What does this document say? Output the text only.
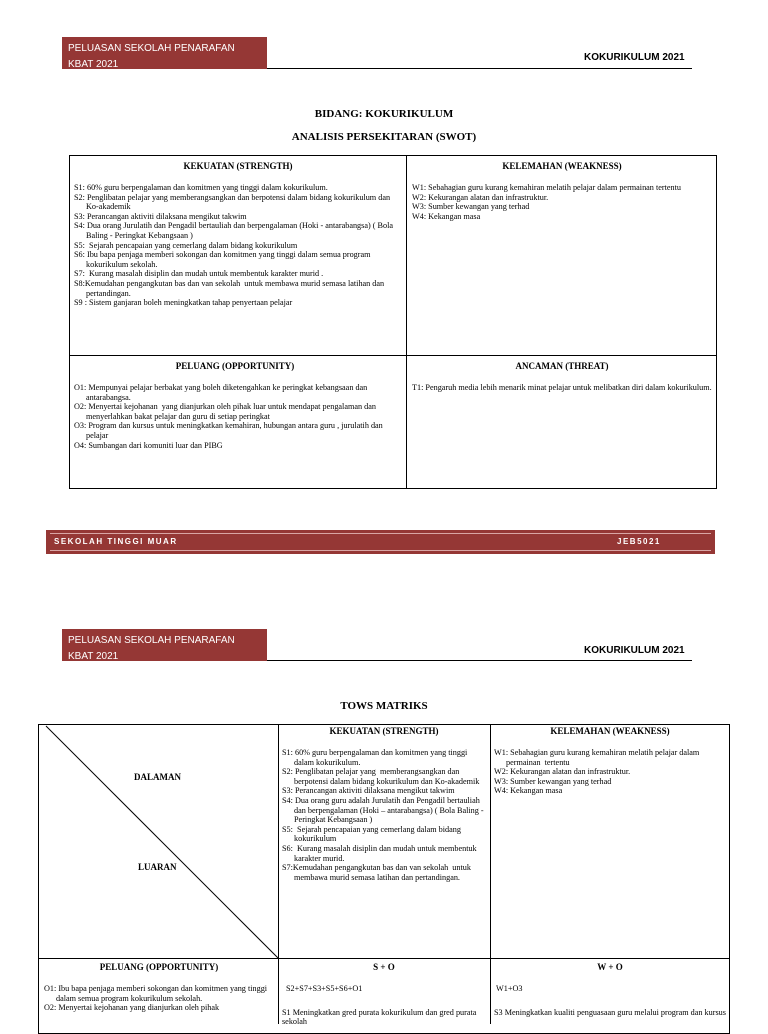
PELUASAN SEKOLAH PENARAFAN KBAT 2021
KOKURIKULUM 2021
BIDANG: KOKURIKULUM
ANALISIS PERSEKITARAN (SWOT)
KEKUATAN (STRENGTH)
S1: 60% guru berpengalaman dan komitmen yang tinggi dalam kokurikulum.
S2: Penglibatan pelajar yang memberangsangkan dan berpotensi dalam bidang kokurikulum dan Ko-akademik
S3: Perancangan aktiviti dilaksana mengikut takwim
S4: Dua orang Jurulatih dan Pengadil bertauliah dan berpengalaman (Hoki - antarabangsa) ( Bola Baling - Peringkat Kebangsaan )
S5:  Sejarah pencapaian yang cemerlang dalam bidang kokurikulum
S6: Ibu bapa penjaga memberi sokongan dan komitmen yang tinggi dalam semua program kokurikulum sekolah.
S7:  Kurang masalah disiplin dan mudah untuk membentuk karakter murid .
S8:Kemudahan pengangkutan bas dan van sekolah  untuk membawa murid semasa latihan dan pertandingan.
S9 : Sistem ganjaran boleh meningkatkan tahap penyertaan pelajar
KELEMAHAN (WEAKNESS)
W1: Sebahagian guru kurang kemahiran melatih pelajar dalam permainan tertentu
W2: Kekurangan alatan dan infrastruktur.
W3: Sumber kewangan yang terhad
W4: Kekangan masa
PELUANG (OPPORTUNITY)
O1: Mempunyai pelajar berbakat yang boleh diketengahkan ke peringkat kebangsaan dan antarabangsa.
O2: Menyertai kejohanan  yang dianjurkan oleh pihak luar untuk mendapat pengalaman dan menyerlahkan bakat pelajar dan guru di setiap peringkat
O3: Program dan kursus untuk meningkatkan kemahiran, hubungan antara guru , jurulatih dan pelajar
O4: Sumbangan dari komuniti luar dan PIBG
ANCAMAN (THREAT)
T1: Pengaruh media lebih menarik minat pelajar untuk melibatkan diri dalam kokurikulum.
SEKOLAH TINGGI MUAR	JEB5021
PELUASAN SEKOLAH PENARAFAN KBAT 2021
KOKURIKULUM 2021
TOWS MATRIKS
DALAMAN
LUARAN
KEKUATAN (STRENGTH)
S1: 60% guru berpengalaman dan komitmen yang tinggi dalam kokurikulum.
S2: Penglibatan pelajar yang  memberangsangkan dan berpotensi dalam bidang kokurikulum dan Ko-akademik
S3: Perancangan aktiviti dilaksana mengikut takwim
S4: Dua orang guru adalah Jurulatih dan Pengadil bertauliah dan berpengalaman (Hoki – antarabangsa) ( Bola Baling - Peringkat Kebangsaan )
S5:  Sejarah pencapaian yang cemerlang dalam bidang kokurikulum
S6:  Kurang masalah disiplin dan mudah untuk membentuk karakter murid.
S7:Kemudahan pengangkutan bas dan van sekolah  untuk membawa murid semasa latihan dan pertandingan.
KELEMAHAN (WEAKNESS)
W1: Sebahagian guru kurang kemahiran melatih pelajar dalam permainan  tertentu
W2: Kekurangan alatan dan infrastruktur.
W3: Sumber kewangan yang terhad
W4: Kekangan masa
PELUANG (OPPORTUNITY)
O1: Ibu bapa penjaga memberi sokongan dan komitmen yang tinggi dalam semua program kokurikulum sekolah.
O2: Menyertai kejohanan yang dianjurkan oleh pihak
S + O
S2+S7+S3+S5+S6+O1
S1 Meningkatkan gred purata kokurikulum dan gred purata sekolah
W + O
W1+O3
S3 Meningkatkan kualiti penguasaan guru melalui program dan kursus
